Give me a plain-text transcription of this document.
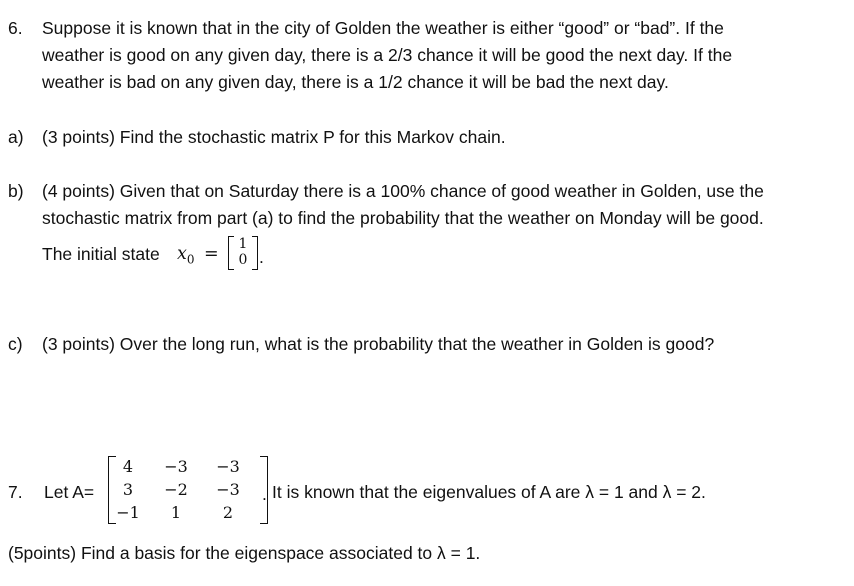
6. Suppose it is known that in the city of Golden the weather is either “good” or “bad”. If the
weather is good on any given day, there is a 2/3 chance it will be good the next day. If the
weather is bad on any given day, there is a 1/2 chance it will be bad the next day.
a) (3 points) Find the stochastic matrix P for this Markov chain.
b) (4 points) Given that on Saturday there is a 100% chance of good weather in Golden, use the
stochastic matrix from part (a) to find the probability that the weather on Monday will be good.
The initial state $x_0 = 1$
0 .
c) (3 points) Over the long run, what is the probability that the weather in Golden is good?
7. Let A=
4	−3	−3
3	−2	−3
−1	1	2
. It is known that the eigenvalues of A are λ = 1 and λ = 2.
(5points) Find a basis for the eigenspace associated to λ = 1.
